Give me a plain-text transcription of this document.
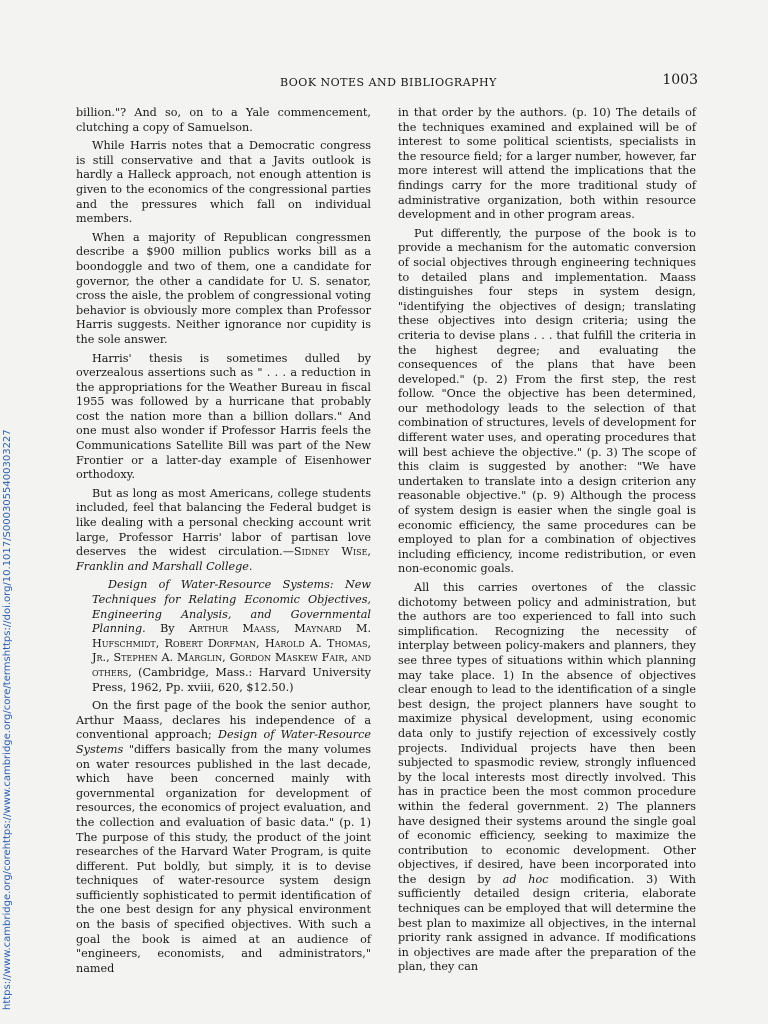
https://www.cambridge.org/core
https://www.cambridge.org/core/terms
https://doi.org/10.1017/S0003055400303227
BOOK NOTES AND BIBLIOGRAPHY	1003

billion."? And so, on to a Yale commencement, clutching a copy of Samuelson.

While Harris notes that a Democratic congress is still conservative and that a Javits outlook is hardly a Halleck approach, not enough attention is given to the economics of the congressional parties and the pressures which fall on individual members.

When a majority of Republican congressmen describe a $900 million publics works bill as a boondoggle and two of them, one a candidate for governor, the other a candidate for U. S. senator, cross the aisle, the problem of congressional voting behavior is obviously more complex than Professor Harris suggests. Neither ignorance nor cupidity is the sole answer.

Harris' thesis is sometimes dulled by overzealous assertions such as " . . . a reduction in the appropriations for the Weather Bureau in fiscal 1955 was followed by a hurricane that probably cost the nation more than a billion dollars." And one must also wonder if Professor Harris feels the Communications Satellite Bill was part of the New Frontier or a latter-day example of Eisenhower orthodoxy.

But as long as most Americans, college students included, feel that balancing the Federal budget is like dealing with a personal checking account writ large, Professor Harris' labor of partisan love deserves the widest circulation.—Sidney Wise, Franklin and Marshall College.

Design of Water-Resource Systems: New Techniques for Relating Economic Objectives, Engineering Analysis, and Governmental Planning. By Arthur Maass, Maynard M. Hufschmidt, Robert Dorfman, Harold A. Thomas, Jr., Stephen A. Marglin, Gordon Maskew Fair, and others, (Cambridge, Mass.: Harvard University Press, 1962, Pp. xviii, 620, $12.50.)

On the first page of the book the senior author, Arthur Maass, declares his independence of a conventional approach; Design of Water-Resource Systems "differs basically from the many volumes on water resources published in the last decade, which have been concerned mainly with governmental organization for development of resources, the economics of project evaluation, and the collection and evaluation of basic data." (p. 1) The purpose of this study, the product of the joint researches of the Harvard Water Program, is quite different. Put boldly, but simply, it is to devise techniques of water-resource system design sufficiently sophisticated to permit identification of the one best design for any physical environment on the basis of specified objectives. With such a goal the book is aimed at an audience of "engineers, economists, and administrators," named

in that order by the authors. (p. 10) The details of the techniques examined and explained will be of interest to some political scientists, specialists in the resource field; for a larger number, however, far more interest will attend the implications that the findings carry for the more traditional study of administrative organization, both within resource development and in other program areas.

Put differently, the purpose of the book is to provide a mechanism for the automatic conversion of social objectives through engineering techniques to detailed plans and implementation. Maass distinguishes four steps in system design, "identifying the objectives of design; translating these objectives into design criteria; using the criteria to devise plans . . . that fulfill the criteria in the highest degree; and evaluating the consequences of the plans that have been developed." (p. 2) From the first step, the rest follow. "Once the objective has been determined, our methodology leads to the selection of that combination of structures, levels of development for different water uses, and operating procedures that will best achieve the objective." (p. 3) The scope of this claim is suggested by another: "We have undertaken to translate into a design criterion any reasonable objective." (p. 9) Although the process of system design is easier when the single goal is economic efficiency, the same procedures can be employed to plan for a combination of objectives including efficiency, income redistribution, or even non-economic goals.

All this carries overtones of the classic dichotomy between policy and administration, but the authors are too experienced to fall into such simplification. Recognizing the necessity of interplay between policy-makers and planners, they see three types of situations within which planning may take place. 1) In the absence of objectives clear enough to lead to the identification of a single best design, the project planners have sought to maximize physical development, using economic data only to justify rejection of excessively costly projects. Individual projects have then been subjected to spasmodic review, strongly influenced by the local interests most directly involved. This has in practice been the most common procedure within the federal government. 2) The planners have designed their systems around the single goal of economic efficiency, seeking to maximize the contribution to economic development. Other objectives, if desired, have been incorporated into the design by ad hoc modification. 3) With sufficiently detailed design criteria, elaborate techniques can be employed that will determine the best plan to maximize all objectives, in the internal priority rank assigned in advance. If modifications in objectives are made after the preparation of the plan, they can
